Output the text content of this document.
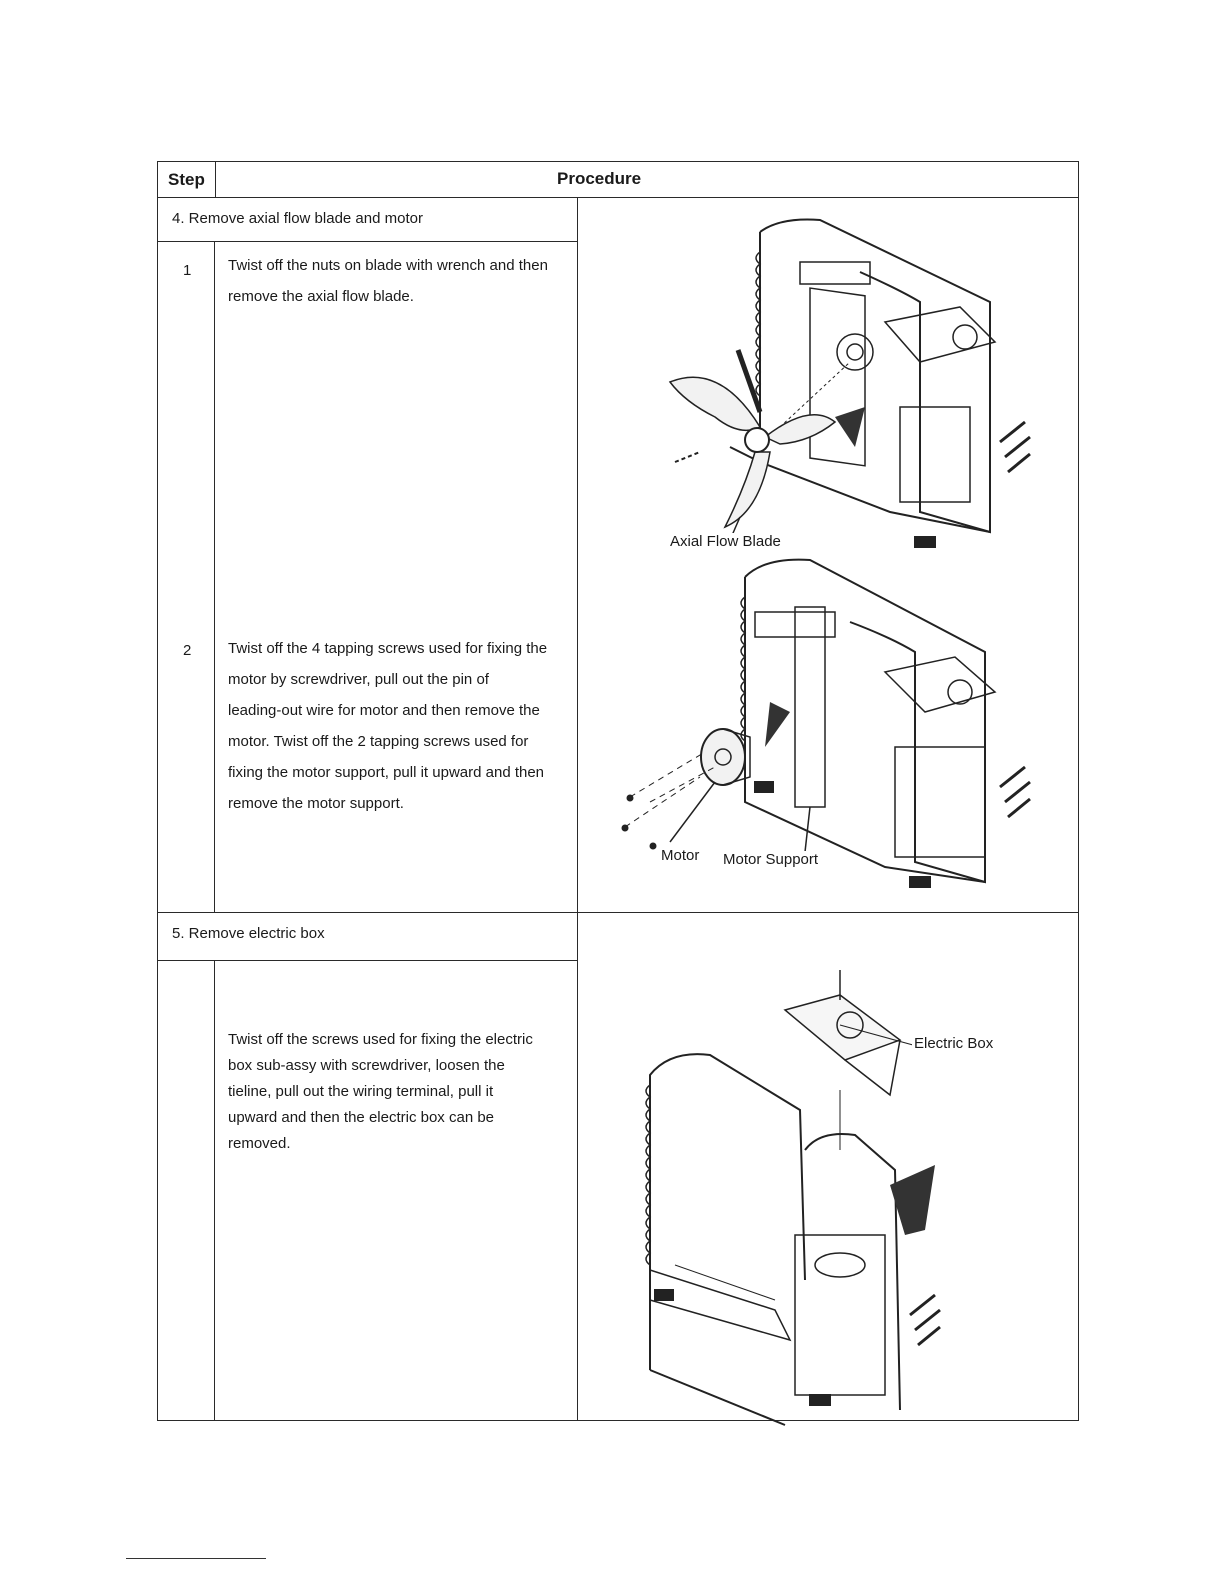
Step	Procedure
4. Remove axial flow blade and motor
1 Twist off the nuts on blade with wrench and then
remove the axial flow blade.
2 Twist off the 4 tapping screws used for fixing the
motor by screwdriver, pull out the pin of
leading-out wire for motor and then remove the
motor. Twist off the 2 tapping screws used for
fixing the motor support, pull it upward and then
remove the motor support.
5. Remove electric box
Twist off the screws used for fixing the electric
box sub-assy with screwdriver, loosen the
tieline, pull out the wiring terminal, pull it
upward and then the electric box can be
removed.
Axial Flow Blade
Motor Motor Support
Electric Box
